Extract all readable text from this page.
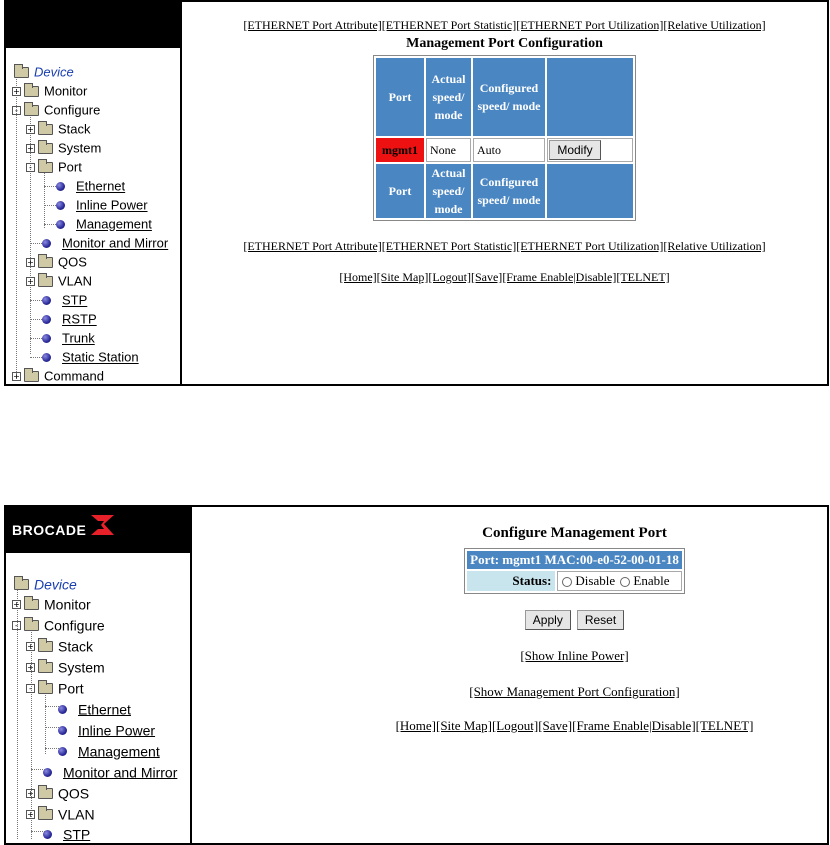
Device
+ Monitor
- Configure
+ Stack
+ System
- Port
Ethernet
Inline Power
Management
Monitor and Mirror
+ QOS
+ VLAN
STP
RSTP
Trunk
Static Station
+ Command
[ETHERNET Port Attribute][ETHERNET Port Statistic][ETHERNET Port Utilization][Relative Utilization]
Management Port Configuration
Port	Actual speed/ mode	Configured speed/ mode	
mgmt1	None	Auto	Modify
Port	Actual speed/ mode	Configured speed/ mode	
[ETHERNET Port Attribute][ETHERNET Port Statistic][ETHERNET Port Utilization][Relative Utilization]
[Home][Site Map][Logout][Save][Frame Enable|Disable][TELNET]
BROCADE
Device
+ Monitor
- Configure
+ Stack
+ System
- Port
Ethernet
Inline Power
Management
Monitor and Mirror
+ QOS
+ VLAN
STP
Configure Management Port
Port: mgmt1 MAC:00-e0-52-00-01-18
Status:	Disable Enable
Apply Reset
[Show Inline Power]
[Show Management Port Configuration]
[Home][Site Map][Logout][Save][Frame Enable|Disable][TELNET]
